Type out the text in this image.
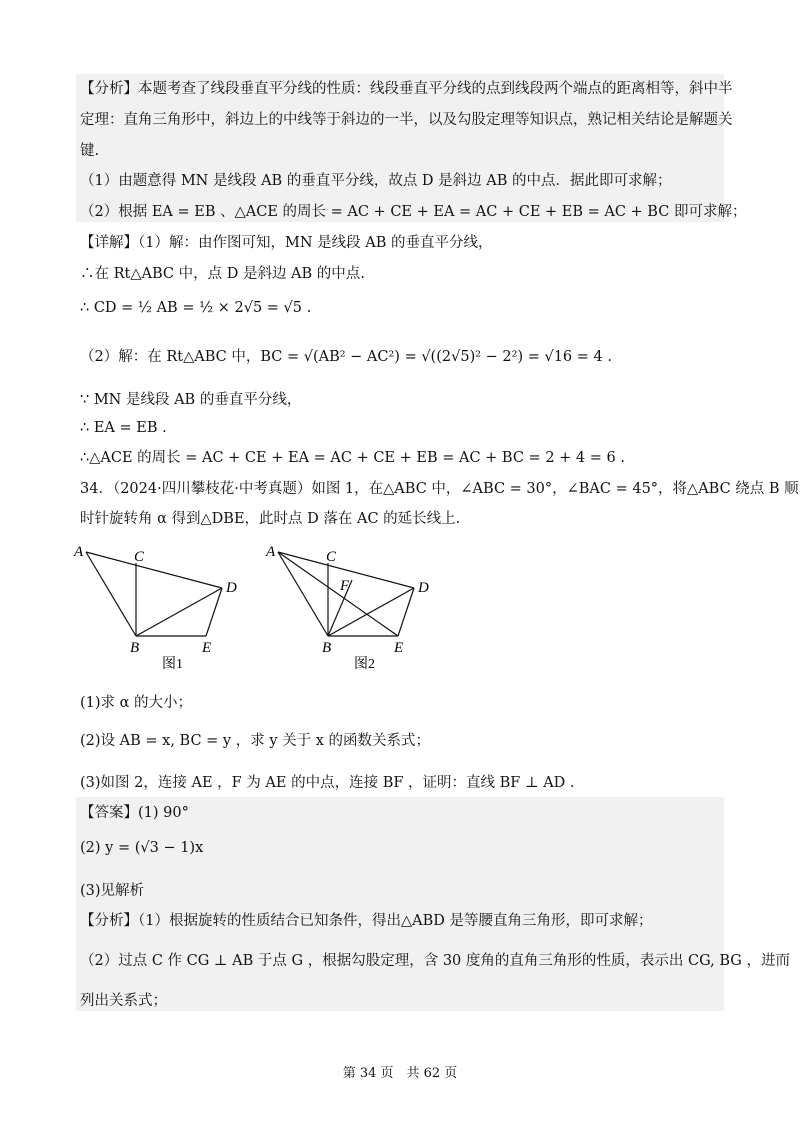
【分析】本题考查了线段垂直平分线的性质：线段垂直平分线的点到线段两个端点的距离相等，斜中半
定理：直角三角形中，斜边上的中线等于斜边的一半，以及勾股定理等知识点，熟记相关结论是解题关
键.
（1）由题意得 MN 是线段 AB 的垂直平分线，故点 D 是斜边 AB 的中点．据此即可求解；
（2）根据 EA = EB 、△ACE 的周长 = AC + CE + EA = AC + CE + EB = AC + BC 即可求解；
【详解】（1）解：由作图可知，MN 是线段 AB 的垂直平分线，
∴在 Rt△ABC 中，点 D 是斜边 AB 的中点.
∴ CD = ½ AB = ½ × 2√5 = √5 .
（2）解：在 Rt△ABC 中，BC = √(AB² − AC²) = √((2√5)² − 2²) = √16 = 4 .
∵ MN 是线段 AB 的垂直平分线，
∴ EA = EB .
∴△ACE 的周长 = AC + CE + EA = AC + CE + EB = AC + BC = 2 + 4 = 6 .
34．（2024·四川攀枝花·中考真题）如图 1，在△ABC 中，∠ABC = 30°，∠BAC = 45°，将△ABC 绕点 B 顺
时针旋转角 α 得到△DBE，此时点 D 落在 AC 的延长线上.
A	C
D
B	E
图1
A	C
F	D
B	E
图2
(1)求 α 的大小；
(2)设 AB = x, BC = y ，求 y 关于 x 的函数关系式；
(3)如图 2，连接 AE ，F 为 AE 的中点，连接 BF ，证明：直线 BF ⊥ AD .
【答案】(1) 90°
(2) y = (√3 − 1)x
(3)见解析
【分析】（1）根据旋转的性质结合已知条件，得出△ABD 是等腰直角三角形，即可求解；
（2）过点 C 作 CG ⊥ AB 于点 G ，根据勾股定理，含 30 度角的直角三角形的性质，表示出 CG, BG ，进而
列出关系式；
第 34 页　共 62 页
